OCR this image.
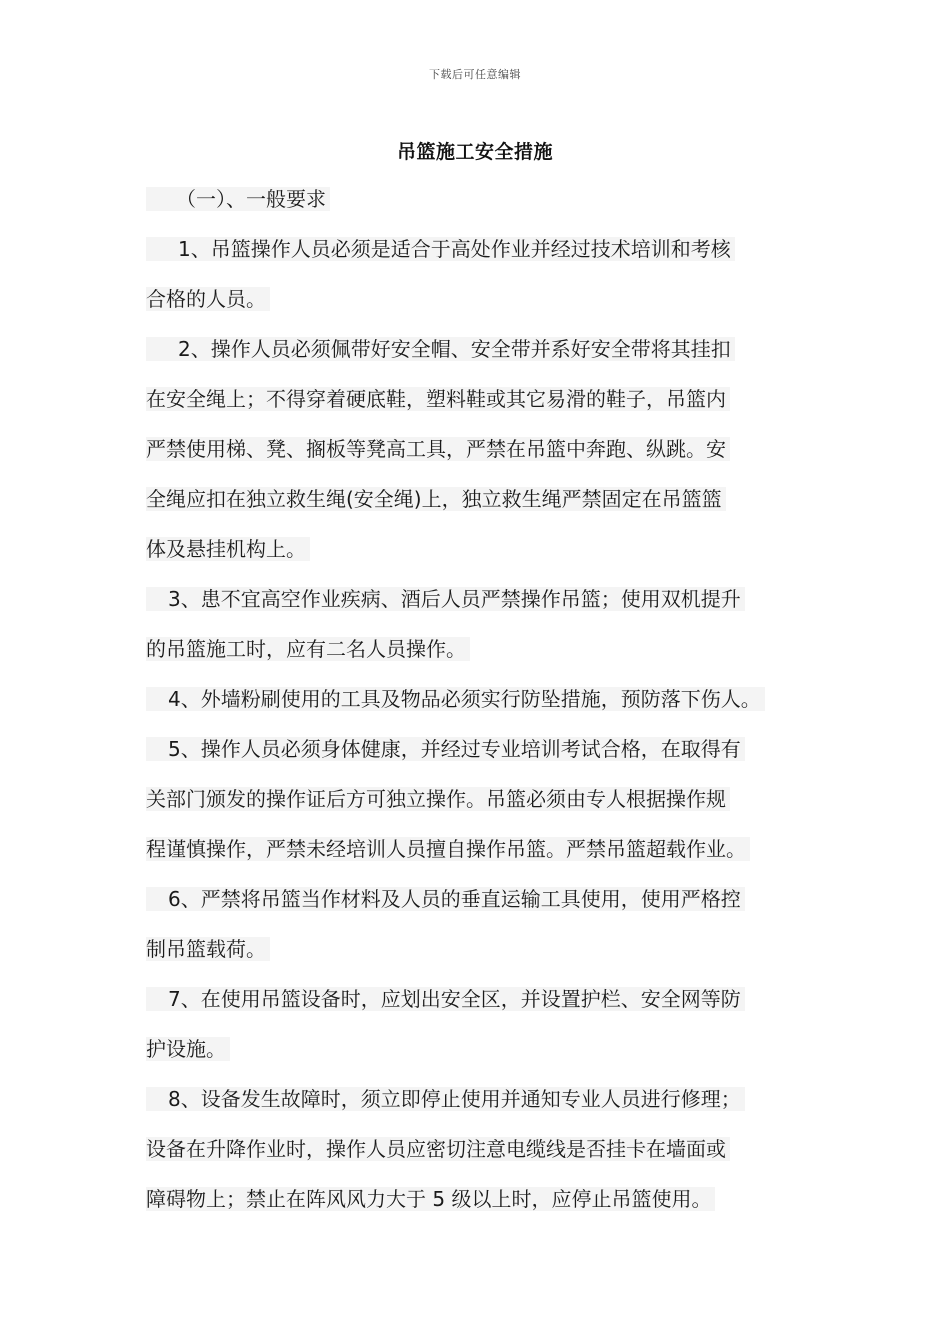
下载后可任意编辑
吊篮施工安全措施
（一）、一般要求
1、吊篮操作人员必须是适合于高处作业并经过技术培训和考核
合格的人员。
2、操作人员必须佩带好安全帽、安全带并系好安全带将其挂扣
在安全绳上；不得穿着硬底鞋，塑料鞋或其它易滑的鞋子，吊篮内
严禁使用梯、凳、搁板等凳高工具，严禁在吊篮中奔跑、纵跳。安
全绳应扣在独立救生绳(安全绳)上，独立救生绳严禁固定在吊篮篮
体及悬挂机构上。
3、患不宜高空作业疾病、酒后人员严禁操作吊篮；使用双机提升
的吊篮施工时，应有二名人员操作。
4、外墙粉刷使用的工具及物品必须实行防坠措施，预防落下伤人。
5、操作人员必须身体健康，并经过专业培训考试合格，在取得有
关部门颁发的操作证后方可独立操作。吊篮必须由专人根据操作规
程谨慎操作，严禁未经培训人员擅自操作吊篮。严禁吊篮超载作业。
6、严禁将吊篮当作材料及人员的垂直运输工具使用，使用严格控
制吊篮载荷。
7、在使用吊篮设备时，应划出安全区，并设置护栏、安全网等防
护设施。
8、设备发生故障时，须立即停止使用并通知专业人员进行修理；
设备在升降作业时，操作人员应密切注意电缆线是否挂卡在墙面或
障碍物上；禁止在阵风风力大于 5 级以上时，应停止吊篮使用。
